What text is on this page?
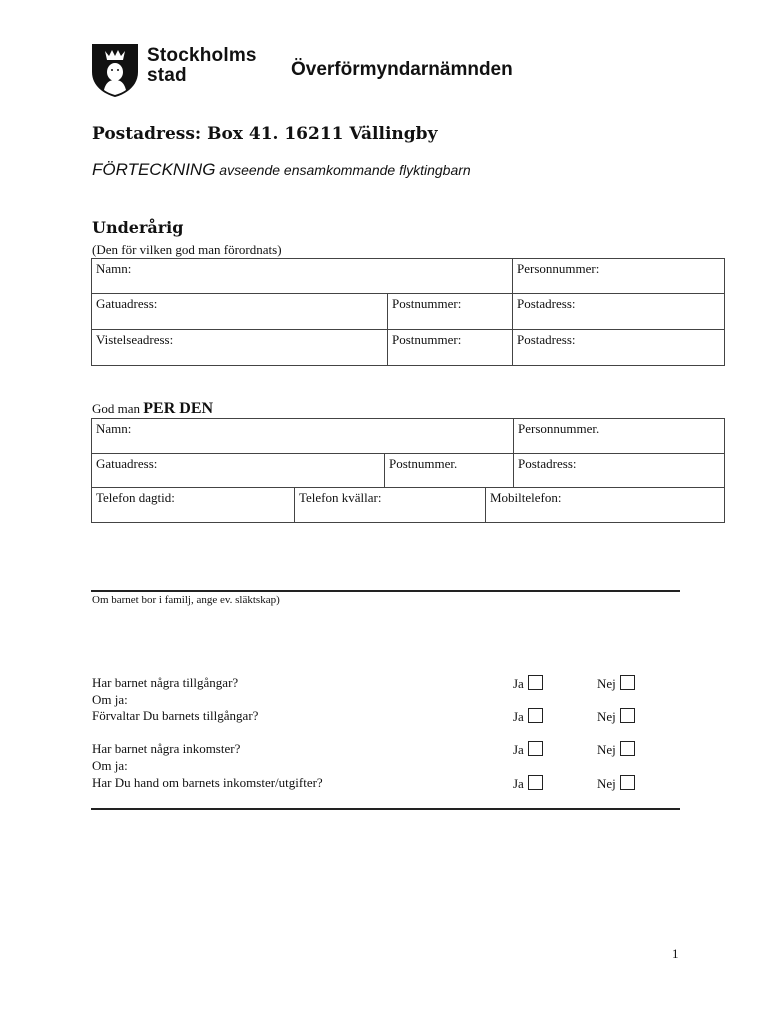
Stockholms
stad	Överförmyndarnämnden
Postadress: Box 41. 16211 Vällingby
FÖRTECKNING avseende ensamkommande flyktingbarn
Underårig
(Den för vilken god man förordnats)
Namn:		Personnummer:
Gatuadress:	Postnummer:	Postadress:
Vistelseadress:	Postnummer:	Postadress:
God man PER DEN
Namn:				Personnummer.
Gatuadress:		Postnummer.		Postadress:
Telefon dagtid:	Telefon kvällar:		Mobiltelefon:	
Om barnet bor i familj, ange ev. släktskap)
Har barnet några tillgångar?	Ja	Nej
Om ja:
Förvaltar Du barnets tillgångar?	Ja	Nej
Har barnet några inkomster?	Ja	Nej
Om ja:
Har Du hand om barnets inkomster/utgifter?	Ja	Nej
1
